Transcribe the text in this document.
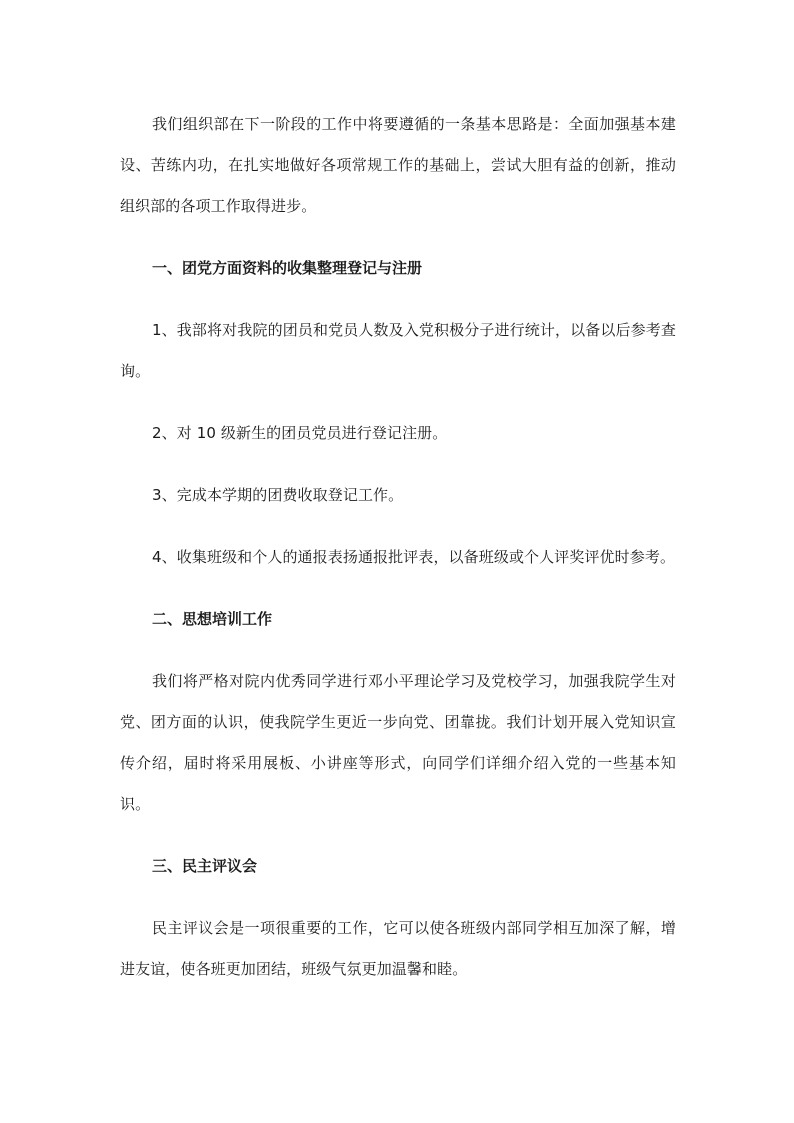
我们组织部在下一阶段的工作中将要遵循的一条基本思路是：全面加强基本建设、苦练内功，在扎实地做好各项常规工作的基础上，尝试大胆有益的创新，推动组织部的各项工作取得进步。

一、团党方面资料的收集整理登记与注册

1、我部将对我院的团员和党员人数及入党积极分子进行统计，以备以后参考查询。

2、对 10 级新生的团员党员进行登记注册。

3、完成本学期的团费收取登记工作。

4、收集班级和个人的通报表扬通报批评表，以备班级或个人评奖评优时参考。

二、思想培训工作

我们将严格对院内优秀同学进行邓小平理论学习及党校学习，加强我院学生对党、团方面的认识，使我院学生更近一步向党、团靠拢。我们计划开展入党知识宣传介绍，届时将采用展板、小讲座等形式，向同学们详细介绍入党的一些基本知识。

三、民主评议会

民主评议会是一项很重要的工作，它可以使各班级内部同学相互加深了解，增进友谊，使各班更加团结，班级气氛更加温馨和睦。
